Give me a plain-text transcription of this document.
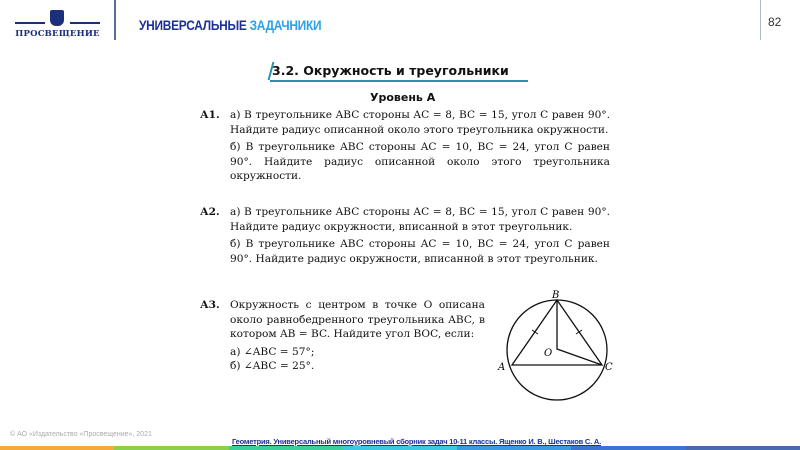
ПРОСВЕЩЕНИЕ
УНИВЕРСАЛЬНЫЕ ЗАДАЧНИКИ	82
3.2. Окружность и треугольники
Уровень А
А1. а) В треугольнике ABC стороны AC = 8, BC = 15, угол C равен 90°. Найдите радиус описанной около этого треугольника окружности.

б) В треугольнике ABC стороны AC = 10, BC = 24, угол C равен 90°. Найдите радиус описанной около этого треугольника окружности.

А2. а) В треугольнике ABC стороны AC = 8, BC = 15, угол C равен 90°. Найдите радиус окружности, вписанной в этот треугольник.

б) В треугольнике ABC стороны AC = 10, BC = 24, угол C равен 90°. Найдите радиус окружности, вписанной в этот треугольник.

А3. Окружность с центром в точке O описана около равнобедренного треугольника ABC, в котором AB = BC. Найдите угол BOC, если:

а) ∠ABC = 57°;

б) ∠ABC = 25°.

B
A	C
O
© АО «Издательство «Просвещение», 2021
Геометрия. Универсальный многоуровневый сборник задач 10-11 классы. Ященко И. В., Шестаков С. А.
